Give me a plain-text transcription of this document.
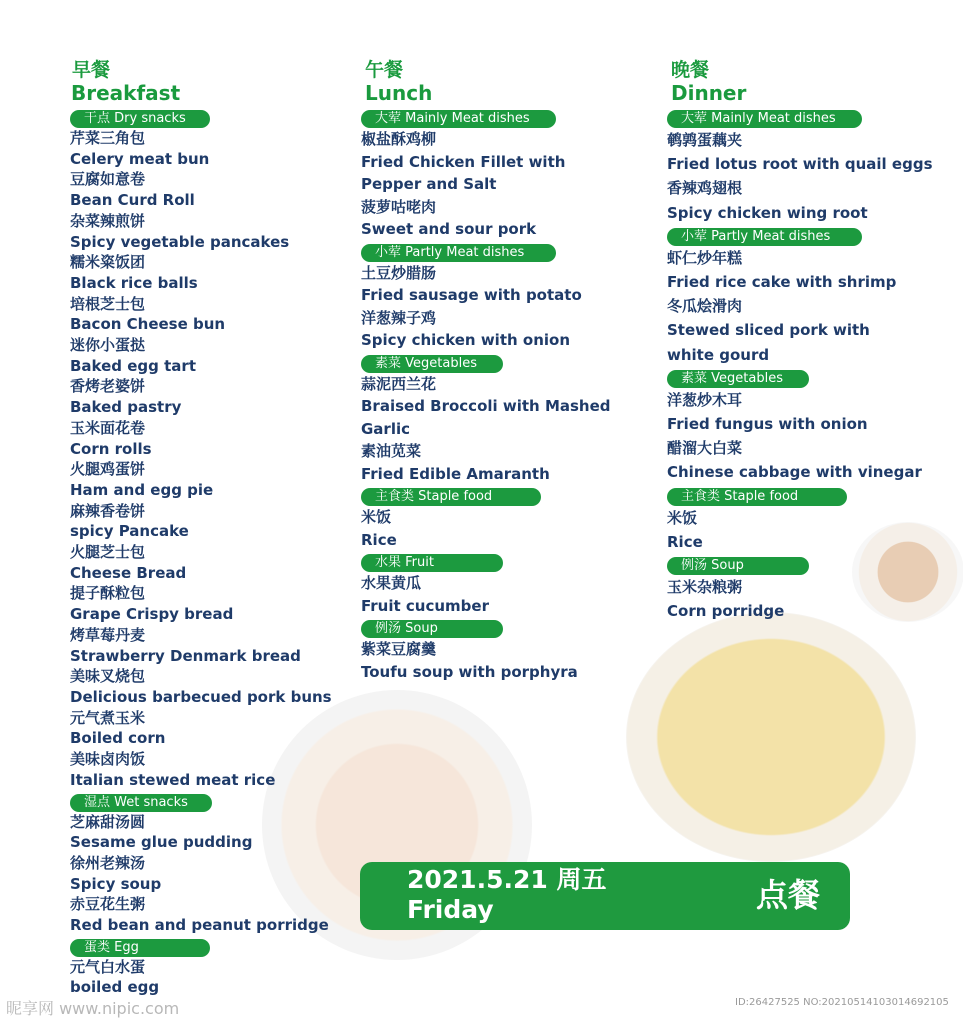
早餐

Breakfast

干点 Dry snacks

芹菜三角包

Celery meat bun

豆腐如意卷

Bean Curd Roll

杂菜辣煎饼

Spicy vegetable pancakes

糯米粢饭团

Black rice balls

培根芝士包

Bacon Cheese bun

迷你小蛋挞

Baked egg tart

香烤老婆饼

Baked pastry

玉米面花卷

Corn rolls

火腿鸡蛋饼

Ham and egg pie

麻辣香卷饼

spicy Pancake

火腿芝士包

Cheese Bread

提子酥粒包

Grape Crispy bread

烤草莓丹麦

Strawberry Denmark bread

美味叉烧包

Delicious barbecued pork buns

元气煮玉米

Boiled corn

美味卤肉饭

Italian stewed meat rice

湿点 Wet snacks

芝麻甜汤圆

Sesame glue pudding

徐州老辣汤

Spicy soup

赤豆花生粥

Red bean and peanut porridge

蛋类 Egg

元气白水蛋

boiled egg

午餐

Lunch

大荤 Mainly Meat dishes

椒盐酥鸡柳

Fried Chicken Fillet with

Pepper and Salt

菠萝咕咾肉

Sweet and sour pork

小荤 Partly Meat dishes

土豆炒腊肠

Fried sausage with potato

洋葱辣子鸡

Spicy chicken with onion

素菜 Vegetables

蒜泥西兰花

Braised Broccoli with Mashed

Garlic

素油苋菜

Fried Edible Amaranth

主食类 Staple food

米饭

Rice

水果 Fruit

水果黄瓜

Fruit cucumber

例汤 Soup

紫菜豆腐羹

Toufu soup with porphyra

晚餐

Dinner

大荤 Mainly Meat dishes

鹌鹑蛋藕夹

Fried lotus root with quail eggs

香辣鸡翅根

Spicy chicken wing root

小荤 Partly Meat dishes

虾仁炒年糕

Fried rice cake with shrimp

冬瓜烩滑肉

Stewed sliced pork with

white gourd

素菜 Vegetables

洋葱炒木耳

Fried fungus with onion

醋溜大白菜

Chinese cabbage with vinegar

主食类 Staple food

米饭

Rice

例汤 Soup

玉米杂粮粥

Corn porridge

2021.5.21 周五
Friday	点餐
昵享网 www.nipic.com	ID:26427525 NO:20210514103014692105
